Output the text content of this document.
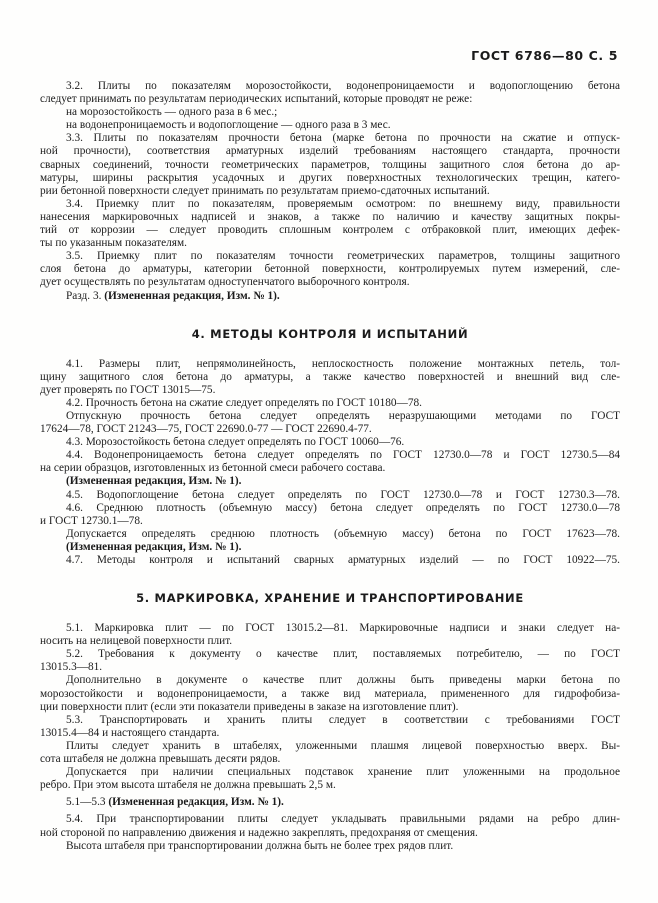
ГОСТ 6786—80 С. 5
3.2. Плиты по показателям морозостойкости, водонепроницаемости и водопоглощению бетона
следует принимать по результатам периодических испытаний, которые проводят не реже:
на морозостойкость — одного раза в 6 мес.;
на водонепроницаемость и водопоглощение — одного раза в 3 мес.
3.3. Плиты по показателям прочности бетона (марке бетона по прочности на сжатие и отпуск-
ной прочности), соответствия арматурных изделий требованиям настоящего стандарта, прочности
сварных соединений, точности геометрических параметров, толщины защитного слоя бетона до ар-
матуры, ширины раскрытия усадочных и других поверхностных технологических трещин, катего-
рии бетонной поверхности следует принимать по результатам приемо-сдаточных испытаний.
3.4. Приемку плит по показателям, проверяемым осмотром: по внешнему виду, правильности
нанесения маркировочных надписей и знаков, а также по наличию и качеству защитных покры-
тий от коррозии — следует проводить сплошным контролем с отбраковкой плит, имеющих дефек-
ты по указанным показателям.
3.5. Приемку плит по показателям точности геометрических параметров, толщины защитного
слоя бетона до арматуры, категории бетонной поверхности, контролируемых путем измерений, сле-
дует осуществлять по результатам одноступенчатого выборочного контроля.
Разд. 3. (Измененная редакция, Изм. № 1).
4. МЕТОДЫ КОНТРОЛЯ И ИСПЫТАНИЙ
4.1. Размеры плит, непрямолинейность, неплоскостность положение монтажных петель, тол-
щину защитного слоя бетона до арматуры, а также качество поверхностей и внешний вид сле-
дует проверять по ГОСТ 13015—75.
4.2. Прочность бетона на сжатие следует определять по ГОСТ 10180—78.
Отпускную прочность бетона следует определять неразрушающими методами по ГОСТ
17624—78, ГОСТ 21243—75, ГОСТ 22690.0-77 — ГОСТ 22690.4-77.
4.3. Морозостойкость бетона следует определять по ГОСТ 10060—76.
4.4. Водонепроницаемость бетона следует определять по ГОСТ 12730.0—78 и ГОСТ 12730.5—84
на серии образцов, изготовленных из бетонной смеси рабочего состава.
(Измененная редакция, Изм. № 1).
4.5. Водопоглощение бетона следует определять по ГОСТ 12730.0—78 и ГОСТ 12730.3—78.
4.6. Среднюю плотность (объемную массу) бетона следует определять по ГОСТ 12730.0—78
и ГОСТ 12730.1—78.
Допускается определять среднюю плотность (объемную массу) бетона по ГОСТ 17623—78.
(Измененная редакция, Изм. № 1).
4.7. Методы контроля и испытаний сварных арматурных изделий — по ГОСТ 10922—75.
5. МАРКИРОВКА, ХРАНЕНИЕ И ТРАНСПОРТИРОВАНИЕ
5.1. Маркировка плит — по ГОСТ 13015.2—81. Маркировочные надписи и знаки следует на-
носить на нелицевой поверхности плит.
5.2. Требования к документу о качестве плит, поставляемых потребителю, — по ГОСТ
13015.3—81.
Дополнительно в документе о качестве плит должны быть приведены марки бетона по
морозостойкости и водонепроницаемости, а также вид материала, примененного для гидрофобиза-
ции поверхности плит (если эти показатели приведены в заказе на изготовление плит).
5.3. Транспортировать и хранить плиты следует в соответствии с требованиями ГОСТ
13015.4—84 и настоящего стандарта.
Плиты следует хранить в штабелях, уложенными плашмя лицевой поверхностью вверх. Вы-
сота штабеля не должна превышать десяти рядов.
Допускается при наличии специальных подставок хранение плит уложенными на продольное
ребро. При этом высота штабеля не должна превышать 2,5 м.
5.1—5.3 (Измененная редакция, Изм. № 1).
5.4. При транспортировании плиты следует укладывать правильными рядами на ребро длин-
ной стороной по направлению движения и надежно закреплять, предохраняя от смещения.
Высота штабеля при транспортировании должна быть не более трех рядов плит.
